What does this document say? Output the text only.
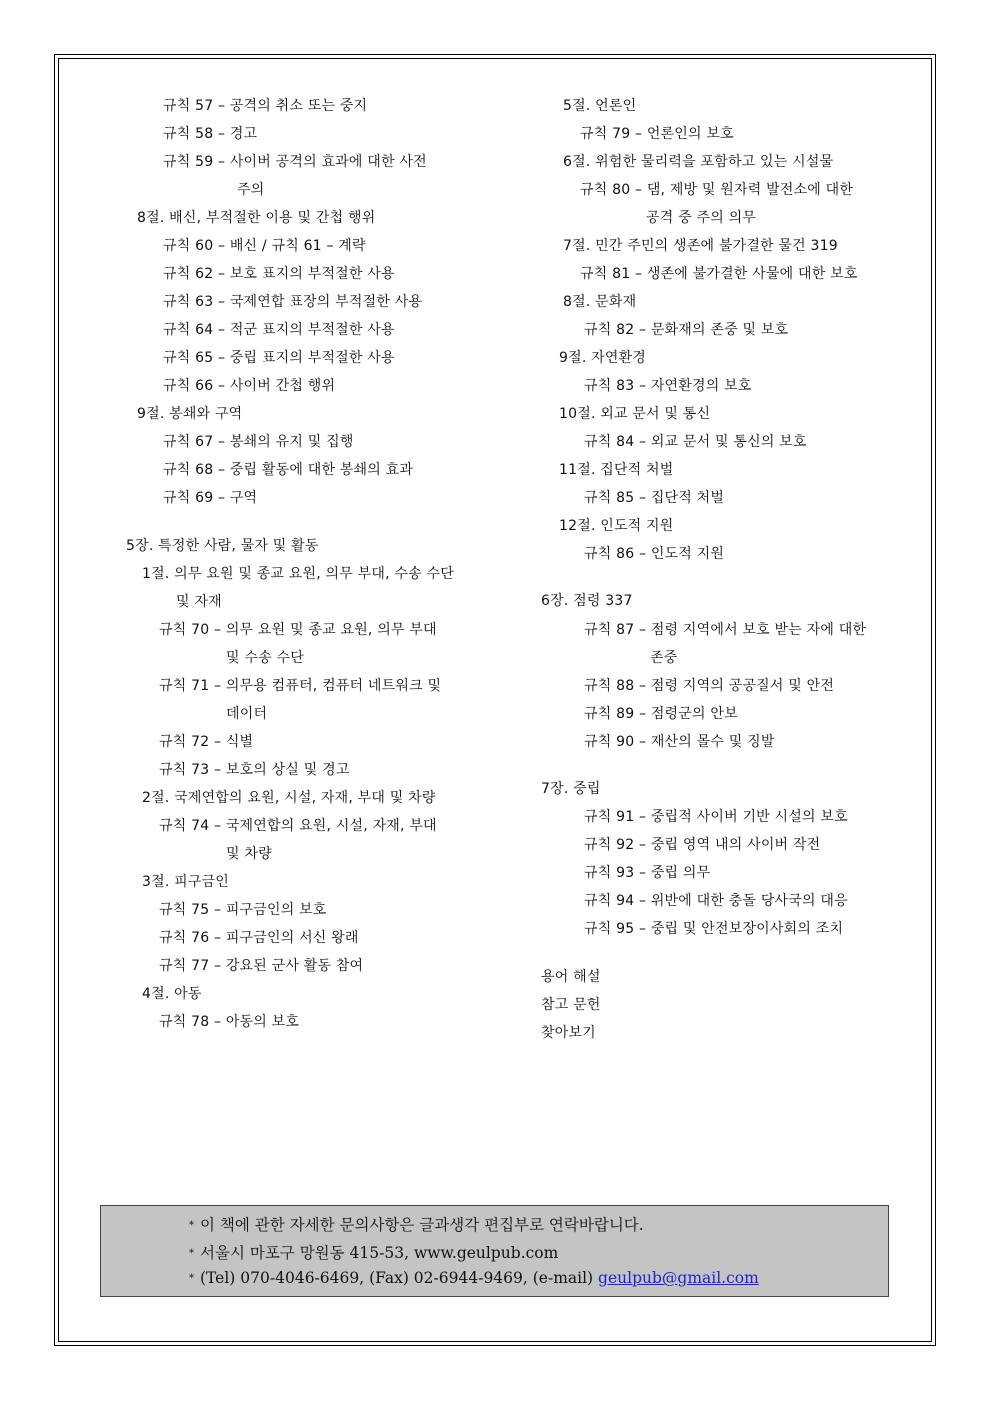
규칙 57 – 공격의 취소 또는 중지
규칙 58 – 경고
규칙 59 – 사이버 공격의 효과에 대한 사전
주의
8절. 배신, 부적절한 이용 및 간첩 행위
규칙 60 – 배신 / 규칙 61 – 계략
규칙 62 – 보호 표지의 부적절한 사용
규칙 63 – 국제연합 표장의 부적절한 사용
규칙 64 – 적군 표지의 부적절한 사용
규칙 65 – 중립 표지의 부적절한 사용
규칙 66 – 사이버 간첩 행위
9절. 봉쇄와 구역
규칙 67 – 봉쇄의 유지 및 집행
규칙 68 – 중립 활동에 대한 봉쇄의 효과
규칙 69 – 구역
5장. 특정한 사람, 물자 및 활동
1절. 의무 요원 및 종교 요원, 의무 부대, 수송 수단
및 자재
규칙 70 – 의무 요원 및 종교 요원, 의무 부대
및 수송 수단
규칙 71 – 의무용 컴퓨터, 컴퓨터 네트워크 및
데이터
규칙 72 – 식별
규칙 73 – 보호의 상실 및 경고
2절. 국제연합의 요원, 시설, 자재, 부대 및 차량
규칙 74 – 국제연합의 요원, 시설, 자재, 부대
및 차량
3절. 피구금인
규칙 75 – 피구금인의 보호
규칙 76 – 피구금인의 서신 왕래
규칙 77 – 강요된 군사 활동 참여
4절. 아동
규칙 78 – 아동의 보호
5절. 언론인
규칙 79 – 언론인의 보호
6절. 위험한 물리력을 포함하고 있는 시설물
규칙 80 – 댐, 제방 및 원자력 발전소에 대한
공격 중 주의 의무
7절. 민간 주민의 생존에 불가결한 물건 319
규칙 81 – 생존에 불가결한 사물에 대한 보호
8절. 문화재
규칙 82 – 문화재의 존중 및 보호
9절. 자연환경
규칙 83 – 자연환경의 보호
10절. 외교 문서 및 통신
규칙 84 – 외교 문서 및 통신의 보호
11절. 집단적 처벌
규칙 85 – 집단적 처벌
12절. 인도적 지원
규칙 86 – 인도적 지원
6장. 점령 337
규칙 87 – 점령 지역에서 보호 받는 자에 대한
존중
규칙 88 – 점령 지역의 공공질서 및 안전
규칙 89 – 점령군의 안보
규칙 90 – 재산의 몰수 및 징발
7장. 중립
규칙 91 – 중립적 사이버 기반 시설의 보호
규칙 92 – 중립 영역 내의 사이버 작전
규칙 93 – 중립 의무
규칙 94 – 위반에 대한 충돌 당사국의 대응
규칙 95 – 중립 및 안전보장이사회의 조치
용어 해설
참고 문헌
찾아보기
* 이 책에 관한 자세한 문의사항은 글과생각 편집부로 연락바랍니다.
* 서울시 마포구 망원동 415-53, www.geulpub.com
* (Tel) 070-4046-6469, (Fax) 02-6944-9469, (e-mail) geulpub@gmail.com
